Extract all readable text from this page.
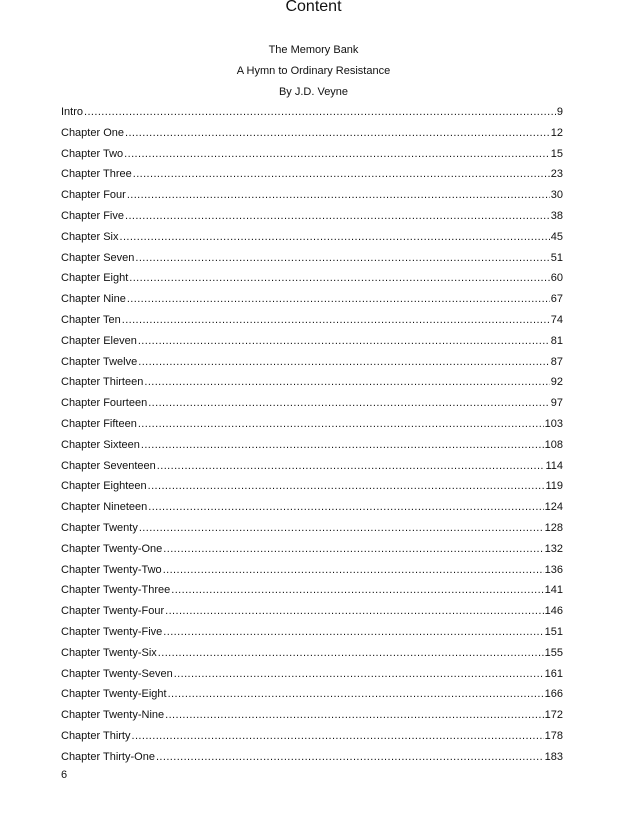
Content
The Memory Bank
A Hymn to Ordinary Resistance
By J.D. Veyne
Intro .....	9
Chapter One .....	12
Chapter Two .....	15
Chapter Three .....	23
Chapter Four .....	30
Chapter Five .....	38
Chapter Six .....	45
Chapter Seven .....	51
Chapter Eight .....	60
Chapter Nine .....	67
Chapter Ten .....	74
Chapter Eleven .....	81
Chapter Twelve .....	87
Chapter Thirteen .....	92
Chapter Fourteen .....	97
Chapter Fifteen .....	103
Chapter Sixteen .....	108
Chapter Seventeen .....	114
Chapter Eighteen .....	119
Chapter Nineteen .....	124
Chapter Twenty .....	128
Chapter Twenty-One .....	132
Chapter Twenty-Two .....	136
Chapter Twenty-Three .....	141
Chapter Twenty-Four .....	146
Chapter Twenty-Five .....	151
Chapter Twenty-Six .....	155
Chapter Twenty-Seven .....	161
Chapter Twenty-Eight .....	166
Chapter Twenty-Nine .....	172
Chapter Thirty .....	178
Chapter Thirty-One .....	183
6
